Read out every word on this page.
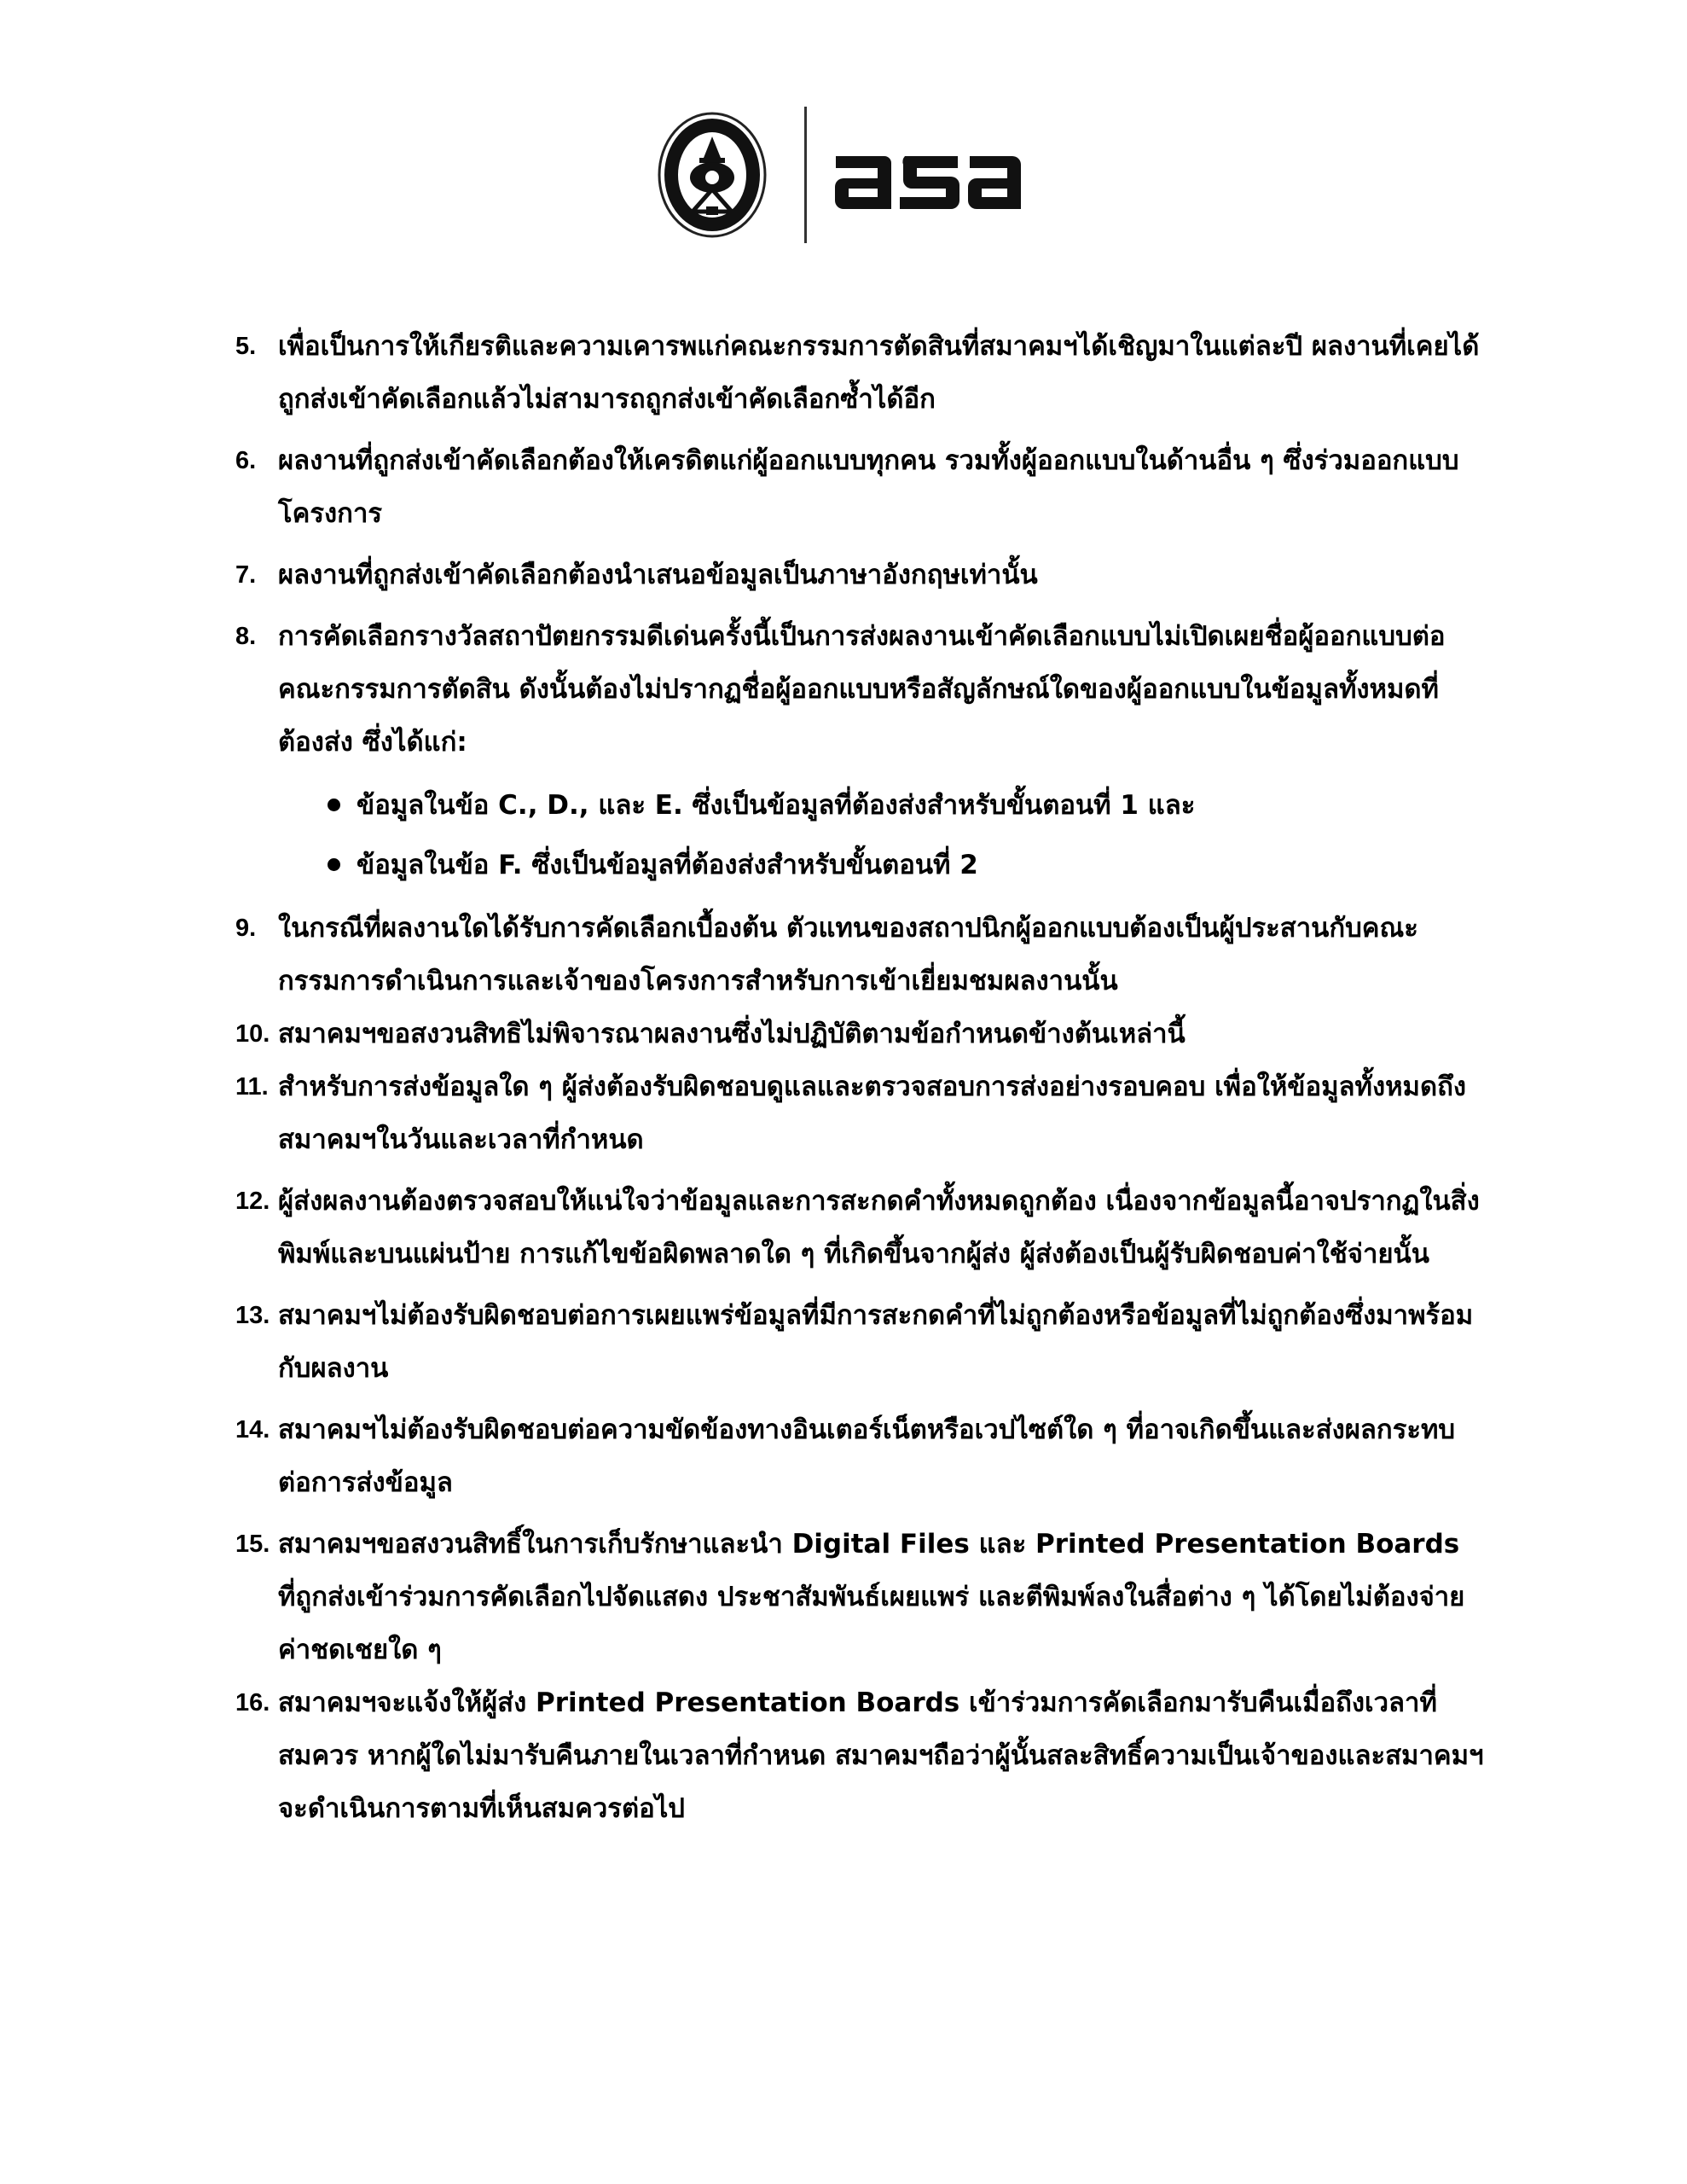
5. เพื่อเป็นการให้เกียรติและความเคารพแก่คณะกรรมการตัดสินที่สมาคมฯได้เชิญมาในแต่ละปี ผลงานที่เคยได้ถูกส่งเข้าคัดเลือกแล้วไม่สามารถถูกส่งเข้าคัดเลือกซ้ำได้อีก
6. ผลงานที่ถูกส่งเข้าคัดเลือกต้องให้เครดิตแก่ผู้ออกแบบทุกคน รวมทั้งผู้ออกแบบในด้านอื่น ๆ ซึ่งร่วมออกแบบโครงการ
7. ผลงานที่ถูกส่งเข้าคัดเลือกต้องนำเสนอข้อมูลเป็นภาษาอังกฤษเท่านั้น
8. การคัดเลือกรางวัลสถาปัตยกรรมดีเด่นครั้งนี้เป็นการส่งผลงานเข้าคัดเลือกแบบไม่เปิดเผยชื่อผู้ออกแบบต่อคณะกรรมการตัดสิน ดังนั้นต้องไม่ปรากฏชื่อผู้ออกแบบหรือสัญลักษณ์ใดของผู้ออกแบบในข้อมูลทั้งหมดที่ต้องส่ง ซึ่งได้แก่:
ข้อมูลในข้อ C., D., และ E. ซึ่งเป็นข้อมูลที่ต้องส่งสำหรับขั้นตอนที่ 1 และ
ข้อมูลในข้อ F. ซึ่งเป็นข้อมูลที่ต้องส่งสำหรับขั้นตอนที่ 2
9. ในกรณีที่ผลงานใดได้รับการคัดเลือกเบื้องต้น ตัวแทนของสถาปนิกผู้ออกแบบต้องเป็นผู้ประสานกับคณะกรรมการดำเนินการและเจ้าของโครงการสำหรับการเข้าเยี่ยมชมผลงานนั้น
10. สมาคมฯขอสงวนสิทธิไม่พิจารณาผลงานซึ่งไม่ปฏิบัติตามข้อกำหนดข้างต้นเหล่านี้
11. สำหรับการส่งข้อมูลใด ๆ ผู้ส่งต้องรับผิดชอบดูแลและตรวจสอบการส่งอย่างรอบคอบ เพื่อให้ข้อมูลทั้งหมดถึงสมาคมฯในวันและเวลาที่กำหนด
12. ผู้ส่งผลงานต้องตรวจสอบให้แน่ใจว่าข้อมูลและการสะกดคำทั้งหมดถูกต้อง เนื่องจากข้อมูลนี้อาจปรากฏในสิ่งพิมพ์และบนแผ่นป้าย การแก้ไขข้อผิดพลาดใด ๆ ที่เกิดขึ้นจากผู้ส่ง ผู้ส่งต้องเป็นผู้รับผิดชอบค่าใช้จ่ายนั้น
13. สมาคมฯไม่ต้องรับผิดชอบต่อการเผยแพร่ข้อมูลที่มีการสะกดคำที่ไม่ถูกต้องหรือข้อมูลที่ไม่ถูกต้องซึ่งมาพร้อมกับผลงาน
14. สมาคมฯไม่ต้องรับผิดชอบต่อความขัดข้องทางอินเตอร์เน็ตหรือเวปไซต์ใด ๆ ที่อาจเกิดขึ้นและส่งผลกระทบต่อการส่งข้อมูล
15. สมาคมฯขอสงวนสิทธิ์ในการเก็บรักษาและนำ Digital Files และ Printed Presentation Boards ที่ถูกส่งเข้าร่วมการคัดเลือกไปจัดแสดง ประชาสัมพันธ์เผยแพร่ และตีพิมพ์ลงในสื่อต่าง ๆ ได้โดยไม่ต้องจ่ายค่าชดเชยใด ๆ
16. สมาคมฯจะแจ้งให้ผู้ส่ง Printed Presentation Boards เข้าร่วมการคัดเลือกมารับคืนเมื่อถึงเวลาที่สมควร หากผู้ใดไม่มารับคืนภายในเวลาที่กำหนด สมาคมฯถือว่าผู้นั้นสละสิทธิ์ความเป็นเจ้าของและสมาคมฯจะดำเนินการตามที่เห็นสมควรต่อไป
